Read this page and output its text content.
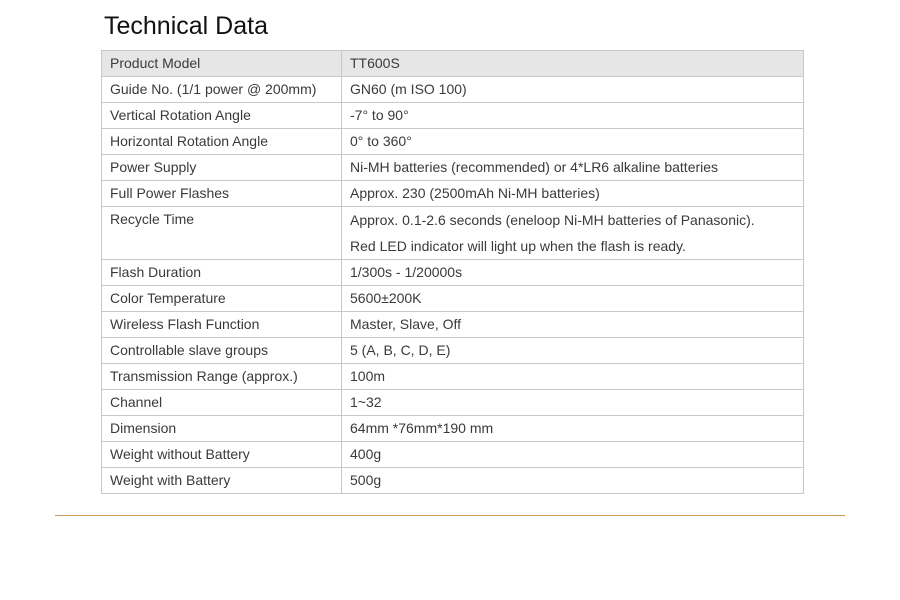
Technical Data
Product Model	TT600S
Guide No. (1/1 power @ 200mm)	GN60 (m ISO 100)
Vertical Rotation Angle	-7° to 90°
Horizontal Rotation Angle	0° to 360°
Power Supply	Ni-MH batteries (recommended) or 4*LR6 alkaline batteries
Full Power Flashes	Approx. 230 (2500mAh Ni-MH batteries)
Recycle Time	Approx. 0.1-2.6 seconds (eneloop Ni-MH batteries of Panasonic).
Red LED indicator will light up when the flash is ready.

Flash Duration	1/300s - 1/20000s
Color Temperature	5600±200K
Wireless Flash Function	Master, Slave, Off
Controllable slave groups	5 (A, B, C, D, E)
Transmission Range (approx.)	100m
Channel	1~32
Dimension	64mm *76mm*190 mm
Weight without Battery	400g
Weight with Battery	500g
